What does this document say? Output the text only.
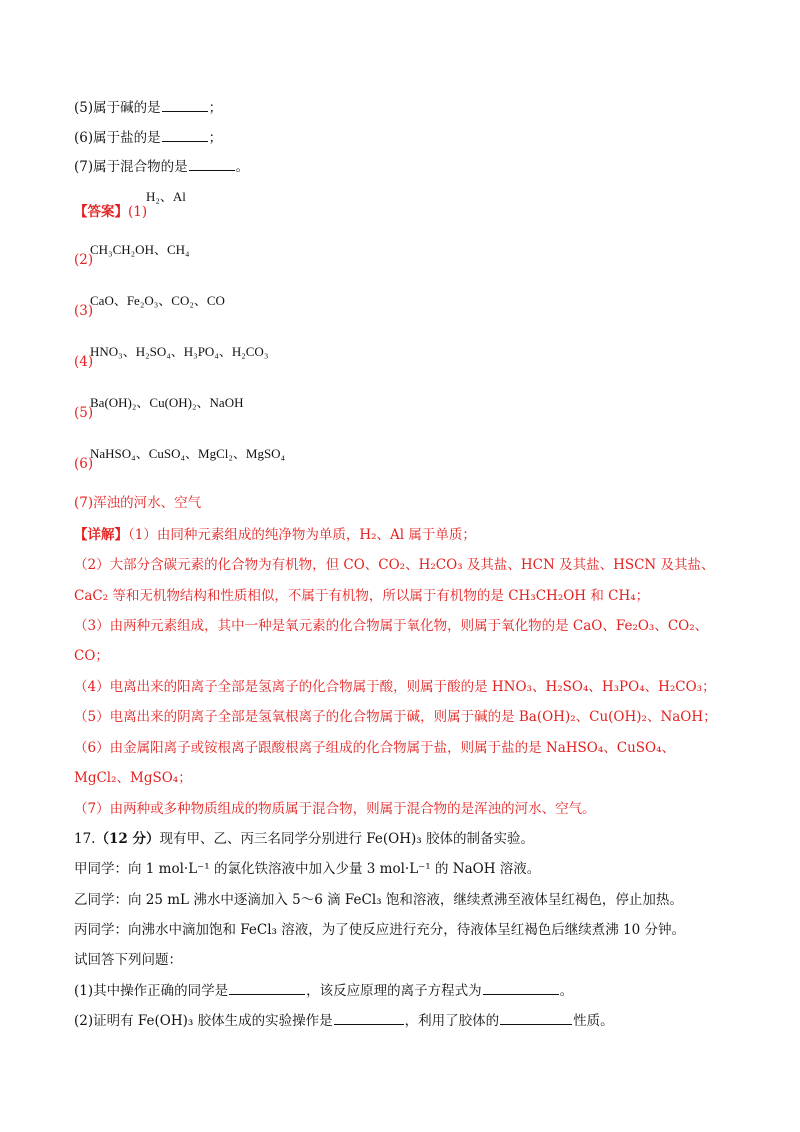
(5)属于碱的是	；
(6)属于盐的是	；
(7)属于混合物的是	。
【答案】(1)
H₂、Al
(2)
CH₃CH₂OH、CH₄
(3)
CaO、Fe₂O₃、CO₂、CO
(4)
HNO₃、H₂SO₄、H₃PO₄、H₂CO₃
(5)
Ba(OH)₂、Cu(OH)₂、NaOH
(6)
NaHSO₄、CuSO₄、MgCl₂、MgSO₄
(7)浑浊的河水、空气
【详解】（1）由同种元素组成的纯净物为单质，H₂、Al 属于单质；
（2）大部分含碳元素的化合物为有机物，但 CO、CO₂、H₂CO₃ 及其盐、HCN 及其盐、HSCN 及其盐、
CaC₂ 等和无机物结构和性质相似，不属于有机物，所以属于有机物的是 CH₃CH₂OH 和 CH₄；
（3）由两种元素组成，其中一种是氧元素的化合物属于氧化物，则属于氧化物的是 CaO、Fe₂O₃、CO₂、
CO；
（4）电离出来的阳离子全部是氢离子的化合物属于酸，则属于酸的是 HNO₃、H₂SO₄、H₃PO₄、H₂CO₃；
（5）电离出来的阴离子全部是氢氧根离子的化合物属于碱，则属于碱的是 Ba(OH)₂、Cu(OH)₂、NaOH；
（6）由金属阳离子或铵根离子跟酸根离子组成的化合物属于盐，则属于盐的是 NaHSO₄、CuSO₄、
MgCl₂、MgSO₄；
（7）由两种或多种物质组成的物质属于混合物，则属于混合物的是浑浊的河水、空气。
17.（12 分）现有甲、乙、丙三名同学分别进行 Fe(OH)₃ 胶体的制备实验。
甲同学：向 1 mol·L⁻¹ 的氯化铁溶液中加入少量 3 mol·L⁻¹ 的 NaOH 溶液。
乙同学：向 25 mL 沸水中逐滴加入 5～6 滴 FeCl₃ 饱和溶液，继续煮沸至液体呈红褐色，停止加热。
丙同学：向沸水中滴加饱和 FeCl₃ 溶液，为了使反应进行充分，待液体呈红褐色后继续煮沸 10 分钟。
试回答下列问题：
(1)其中操作正确的同学是	，该反应原理的离子方程式为	。
(2)证明有 Fe(OH)₃ 胶体生成的实验操作是	，利用了胶体的	性质。
